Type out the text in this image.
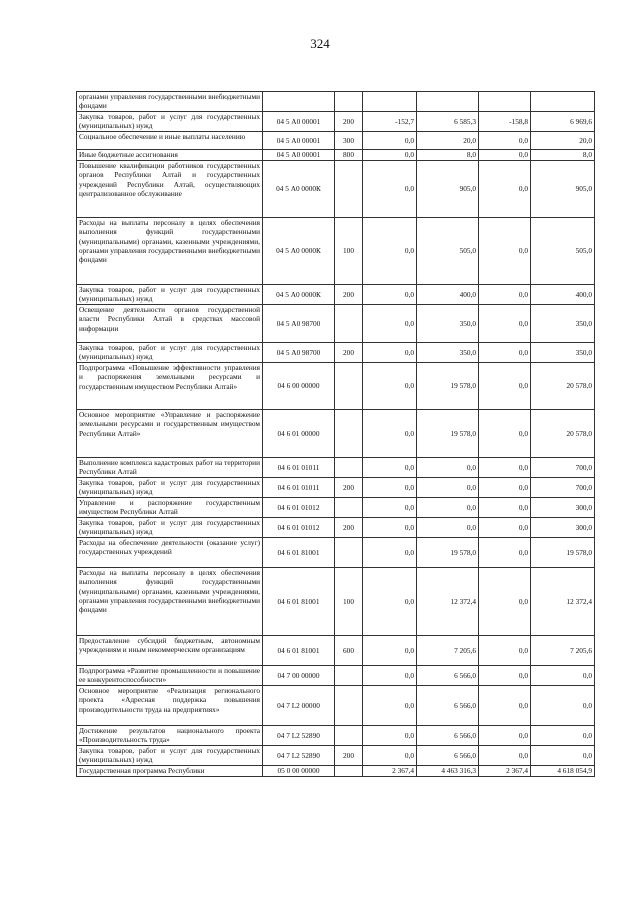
324
органами управления государственными внебюджетными фондами						
Закупка товаров, работ и услуг для государственных (муниципальных) нужд	04 5 А0 00001	200	-152,7	6 585,3	-158,8	6 969,6
Социальное обеспечение и иные выплаты населению	04 5 А0 00001	300	0,0	20,0	0,0	20,0
Иные бюджетные ассигнования	04 5 А0 00001	800	0,0	8,0	0,0	8,0
Повышение квалификации работников государственных органов Республики Алтай и государственных учреждений Республики Алтай, осуществляющих централизованное обслуживание	04 5 А0 0000К		0,0	905,0	0,0	905,0
Расходы на выплаты персоналу в целях обеспечения выполнения функций государственными (муниципальными) органами, казенными учреждениями, органами управления государственными внебюджетными фондами	04 5 А0 0000К	100	0,0	505,0	0,0	505,0
Закупка товаров, работ и услуг для государственных (муниципальных) нужд	04 5 А0 0000К	200	0,0	400,0	0,0	400,0
Освещение деятельности органов государственной власти Республики Алтай в средствах массовой информации	04 5 А0 98700		0,0	350,0	0,0	350,0
Закупка товаров, работ и услуг для государственных (муниципальных) нужд	04 5 А0 98700	200	0,0	350,0	0,0	350,0
Подпрограмма «Повышение эффективности управления и распоряжения земельными ресурсами и государственным имуществом Республики Алтай»	04 6 00 00000		0,0	19 578,0	0,0	20 578,0
Основное мероприятие «Управление и распоряжение земельными ресурсами и государственным имуществом Республики Алтай»	04 6 01 00000		0,0	19 578,0	0,0	20 578,0
Выполнение комплекса кадастровых работ на территории Республики Алтай	04 6 01 01011		0,0	0,0	0,0	700,0
Закупка товаров, работ и услуг для государственных (муниципальных) нужд	04 6 01 01011	200	0,0	0,0	0,0	700,0
Управление и распоряжение государственным имуществом Республики Алтай	04 6 01 01012		0,0	0,0	0,0	300,0
Закупка товаров, работ и услуг для государственных (муниципальных) нужд	04 6 01 01012	200	0,0	0,0	0,0	300,0
Расходы на обеспечение деятельности (оказание услуг) государственных учреждений	04 6 01 81001		0,0	19 578,0	0,0	19 578,0
Расходы на выплаты персоналу в целях обеспечения выполнения функций государственными (муниципальными) органами, казенными учреждениями, органами управления государственными внебюджетными фондами	04 6 01 81001	100	0,0	12 372,4	0,0	12 372,4
Предоставление субсидий бюджетным, автономным учреждениям и иным некоммерческим организациям	04 6 01 81001	600	0,0	7 205,6	0,0	7 205,6
Подпрограмма «Развитие промышленности и повышение ее конкурентоспособности»	04 7 00 00000		0,0	6 566,0	0,0	0,0
Основное мероприятие «Реализация регионального проекта «Адресная поддержка повышения производительности труда на предприятиях»	04 7 L2 00000		0,0	6 566,0	0,0	0,0
Достижение результатов национального проекта «Производительность труда»	04 7 L2 52890		0,0	6 566,0	0,0	0,0
Закупка товаров, работ и услуг для государственных (муниципальных) нужд	04 7 L2 52890	200	0,0	6 566,0	0,0	0,0
Государственная программа Республики	05 0 00 00000		2 367,4	4 463 316,3	2 367,4	4 618 054,9
